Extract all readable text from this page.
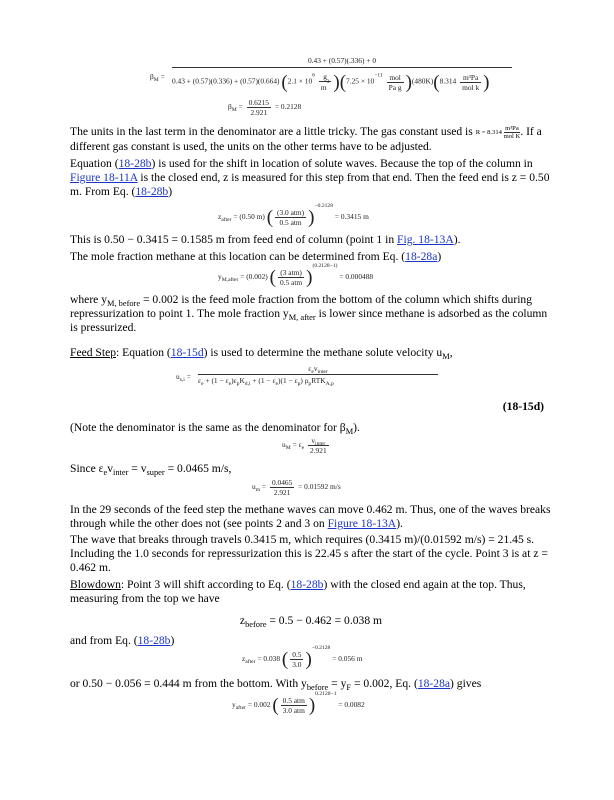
$\beta_M$ =
0.43 + (0.57)(.336) + 0
0.43 + (0.57)(0.336) + (0.57)(0.664) $(2.1 \times 10^6 \frac{g}{m^3} )(7.25 \times 10^{-11} \frac{\text{mol}}{\text{Pa g}} )(480K)(8.314 \frac{\text{m³Pa}}{\text{mol k}}$ )
$\beta_M = \frac{0.6215}{2.921} = 0.2128$

The units in the last term in the denominator are a little tricky. The gas constant used is R = 8.314
m³Pa
mol K . If a different gas constant is used, the units on the other terms have to be adjusted.

Equation (18-28b) is used for the shift in location of solute waves. Because the top of the column in Figure 18-11A is the closed end, z is measured for this step from that end. Then the feed end is z = 0.50 m. From Eq. (18-28b)

$z_{after} = (0.50$ m) ( $\frac{\text{(3.0 atm)}}{\text{0.5 atm}} )^{-0.2128} = 0.3415$ m

This is 0.50 − 0.3415 = 0.1585 m from feed end of column (point 1 in Fig. 18-13A).

The mole fraction methane at this location can be determined from Eq. (18-28a)

$y_{M,after} = (0.002)$ ( $\frac{\text{(3 atm)}}{\text{0.5 atm}} )^{(0.2128-1)} = 0.000488$

where $y_{M, before} = 0.002$ is the feed mole fraction from the bottom of the column which shifts during repressurization to point 1. The mole fraction $y_{M, after}$ is lower since methane is adsorbed as the column is pressurized.

Feed Step: Equation (18-15d) is used to determine the methane solute velocity $u_M$,

$u_{s,i}$ =
$\varepsilon_ev_{inter}$
$\varepsilon_e + (1 - \varepsilon_e)\varepsilon_pK_{d,i} + (1 - \varepsilon_e)(1 - \varepsilon_p)$ $\rho_pRTK_{A,p}$
(18-15d)

(Note the denominator is the same as the denominator for $\beta_M$).

$u_M = \varepsilon_e \frac{v_{inter}}{2.921}$

Since $\varepsilon_ev_{inter} = v_{super} = 0.0465$ m/s,

$u_m = \frac{0.0465}{2.921} = 0.01592$ m/s

In the 29 seconds of the feed step the methane waves can move 0.462 m. Thus, one of the waves breaks through while the other does not (see points 2 and 3 on Figure 18-13A).

The wave that breaks through travels 0.3415 m, which requires (0.3415 m)/(0.01592 m/s) = 21.45 s. Including the 1.0 seconds for repressurization this is 22.45 s after the start of the cycle. Point 3 is at z = 0.462 m.

Blowdown: Point 3 will shift according to Eq. (18-28b) with the closed end again at the top. Thus, measuring from the top we have

$z_{before} = 0.5 - 0.462 = 0.038$ m

and from Eq. (18-28b)

$z_{after} = 0.038$ ( $\frac{0.5}{3.0} )^{-0.2128} = 0.056$ m

or 0.50 − 0.056 = 0.444 m from the bottom. With $y_{before} = y_F = 0.002$, Eq. (18-28a) gives

$y_{after} = 0.002$ ( $\frac{\text{0.5 atm}}{\text{3.0 atm}} )^{0.2128-1} = 0.0082$
